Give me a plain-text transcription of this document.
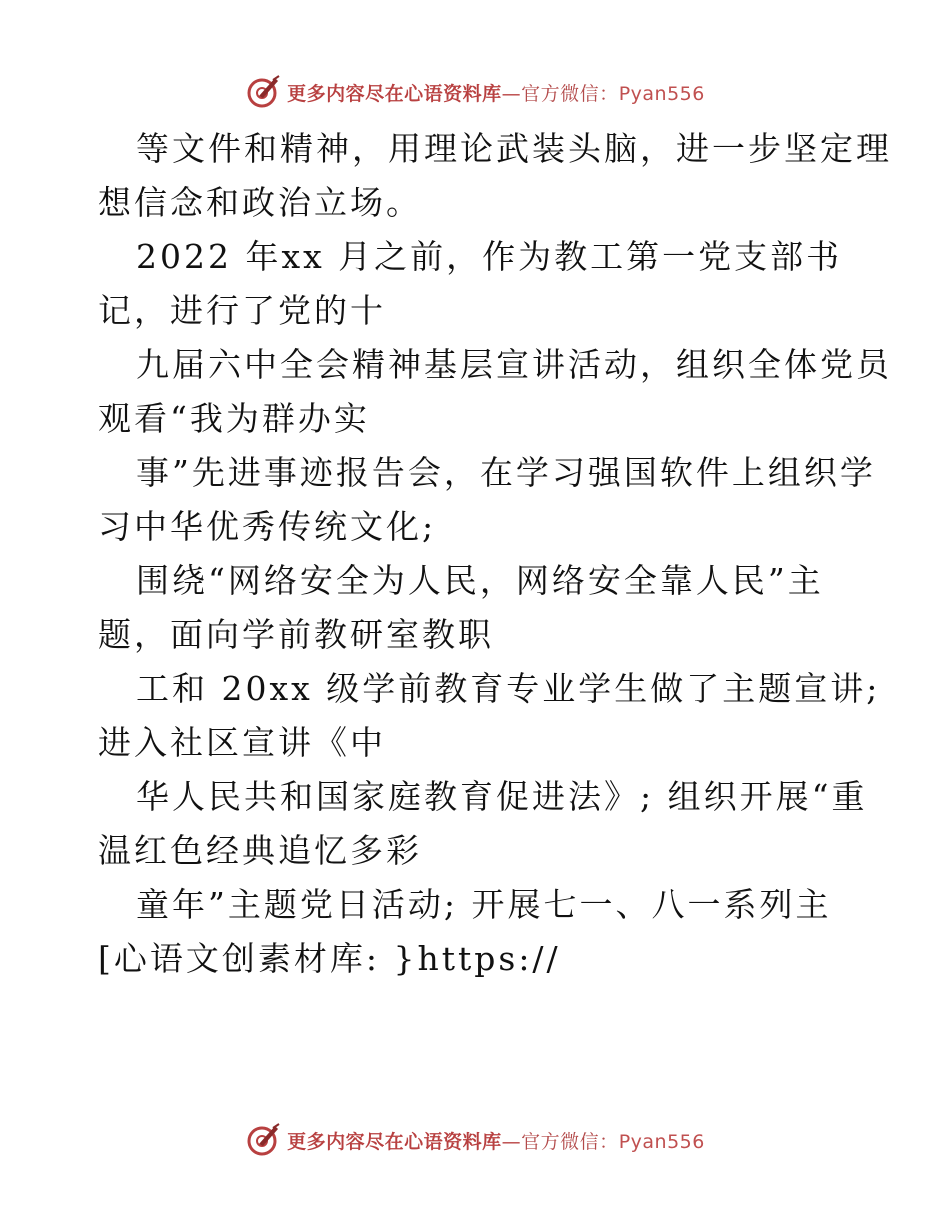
更多内容尽在心语资料库—官方微信：Pyan556
等文件和精神，用理论武装头脑，进一步坚定理
想信念和政治立场。
2022 年xx 月之前，作为教工第一党支部书
记，进行了党的十
九届六中全会精神基层宣讲活动，组织全体党员
观看“我为群办实
事”先进事迹报告会，在学习强国软件上组织学
习中华优秀传统文化;
围绕“网络安全为人民，网络安全靠人民”主
题，面向学前教研室教职
工和 20xx 级学前教育专业学生做了主题宣讲;
进入社区宣讲《中
华人民共和国家庭教育促进法》; 组织开展“重
温红色经典追忆多彩
童年”主题党日活动; 开展七一、八一系列主
[心语文创素材库: }https://
更多内容尽在心语资料库—官方微信：Pyan556
